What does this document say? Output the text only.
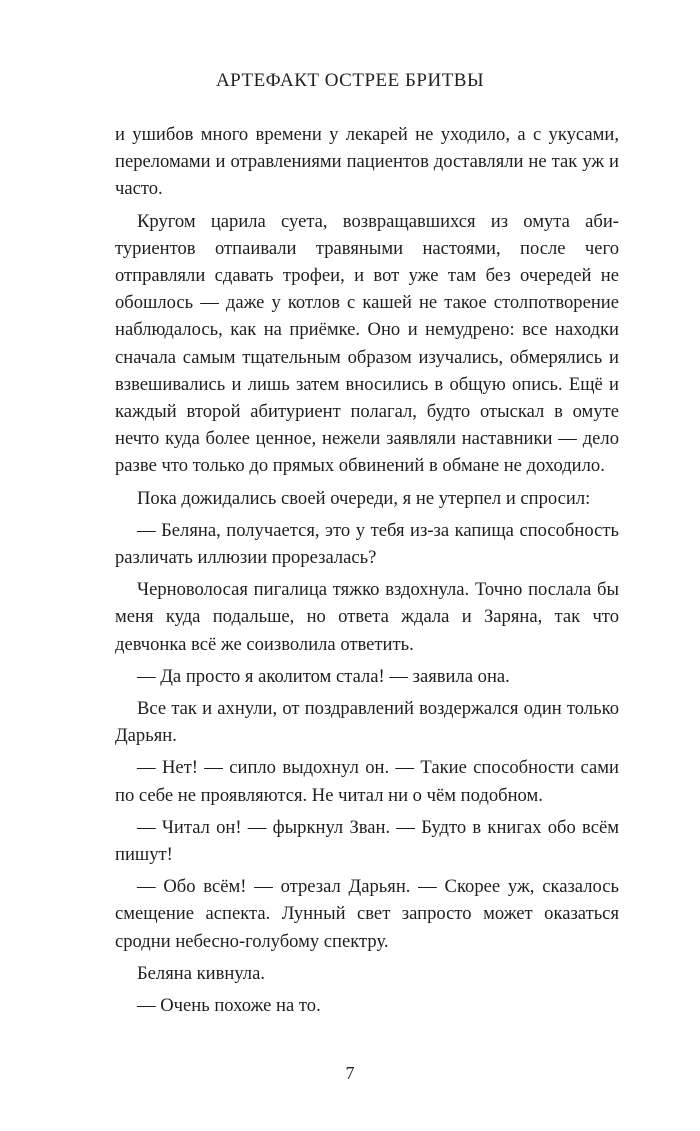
АРТЕФАКТ ОСТРЕЕ БРИТВЫ

и ушибов много времени у лекарей не уходило, а с укусами, переломами и отравлениями пациентов доставляли не так уж и часто.

Кругом царила суета, возвращавшихся из омута абитуриентов отпаивали травяными настоями, после чего отправляли сдавать трофеи, и вот уже там без очередей не обошлось — даже у котлов с кашей не такое столпотворение наблюдалось, как на приёмке. Оно и немудрено: все находки сначала самым тщательным образом изучались, обмерялись и взвешивались и лишь затем вносились в общую опись. Ещё и каждый второй абитуриент полагал, будто отыскал в омуте нечто куда более ценное, нежели заявляли наставники — дело разве что только до прямых обвинений в обмане не доходило.

Пока дожидались своей очереди, я не утерпел и спросил:

— Беляна, получается, это у тебя из-за капища способность различать иллюзии прорезалась?

Черноволосая пигалица тяжко вздохнула. Точно послала бы меня куда подальше, но ответа ждала и Заряна, так что девчонка всё же соизволила ответить.

— Да просто я аколитом стала! — заявила она.

Все так и ахнули, от поздравлений воздержался один только Дарьян.

— Нет! — сипло выдохнул он. — Такие способности сами по себе не проявляются. Не читал ни о чём подобном.

— Читал он! — фыркнул Зван. — Будто в книгах обо всём пишут!

— Обо всём! — отрезал Дарьян. — Скорее уж, сказалось смещение аспекта. Лунный свет запросто может оказаться сродни небесно-голубому спектру.

Беляна кивнула.

— Очень похоже на то.

7
